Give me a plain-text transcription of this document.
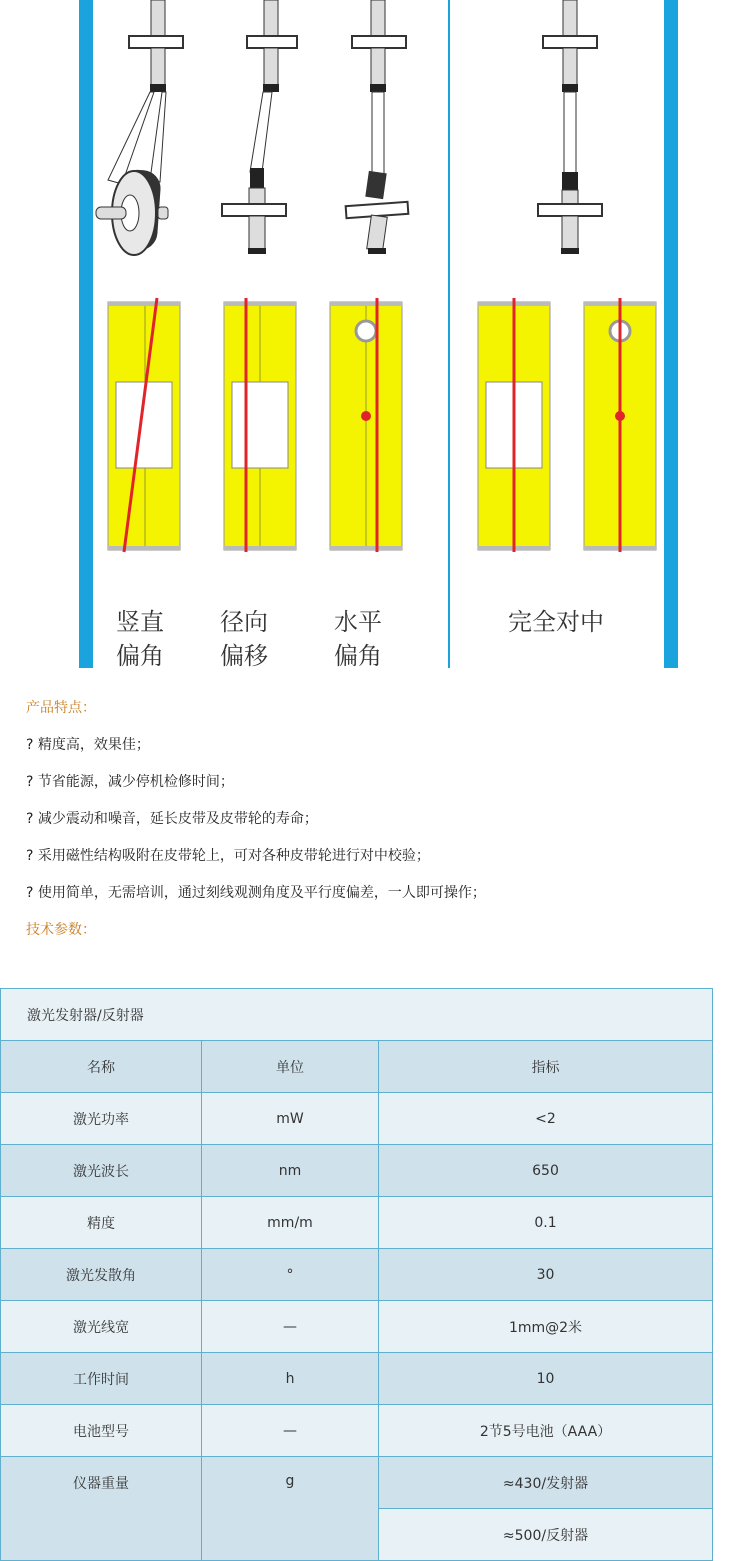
竖直
偏角
径向
偏移
水平
偏角
完全对中
产品特点：
? 精度高，效果佳；
? 节省能源，减少停机检修时间；
? 减少震动和噪音，延长皮带及皮带轮的寿命；
? 采用磁性结构吸附在皮带轮上，可对各种皮带轮进行对中校验；
? 使用简单，无需培训，通过刻线观测角度及平行度偏差，一人即可操作；
技术参数：
激光发射器/反射器		
名称	单位	指标
激光功率	mW	<2
激光波长	nm	650
精度	mm/m	0.1
激光发散角	°	30
激光线宽	—	1mm@2米
工作时间	h	10
电池型号	—	2节5号电池（AAA）
仪器重量	g	≈430/发射器
		≈500/反射器
